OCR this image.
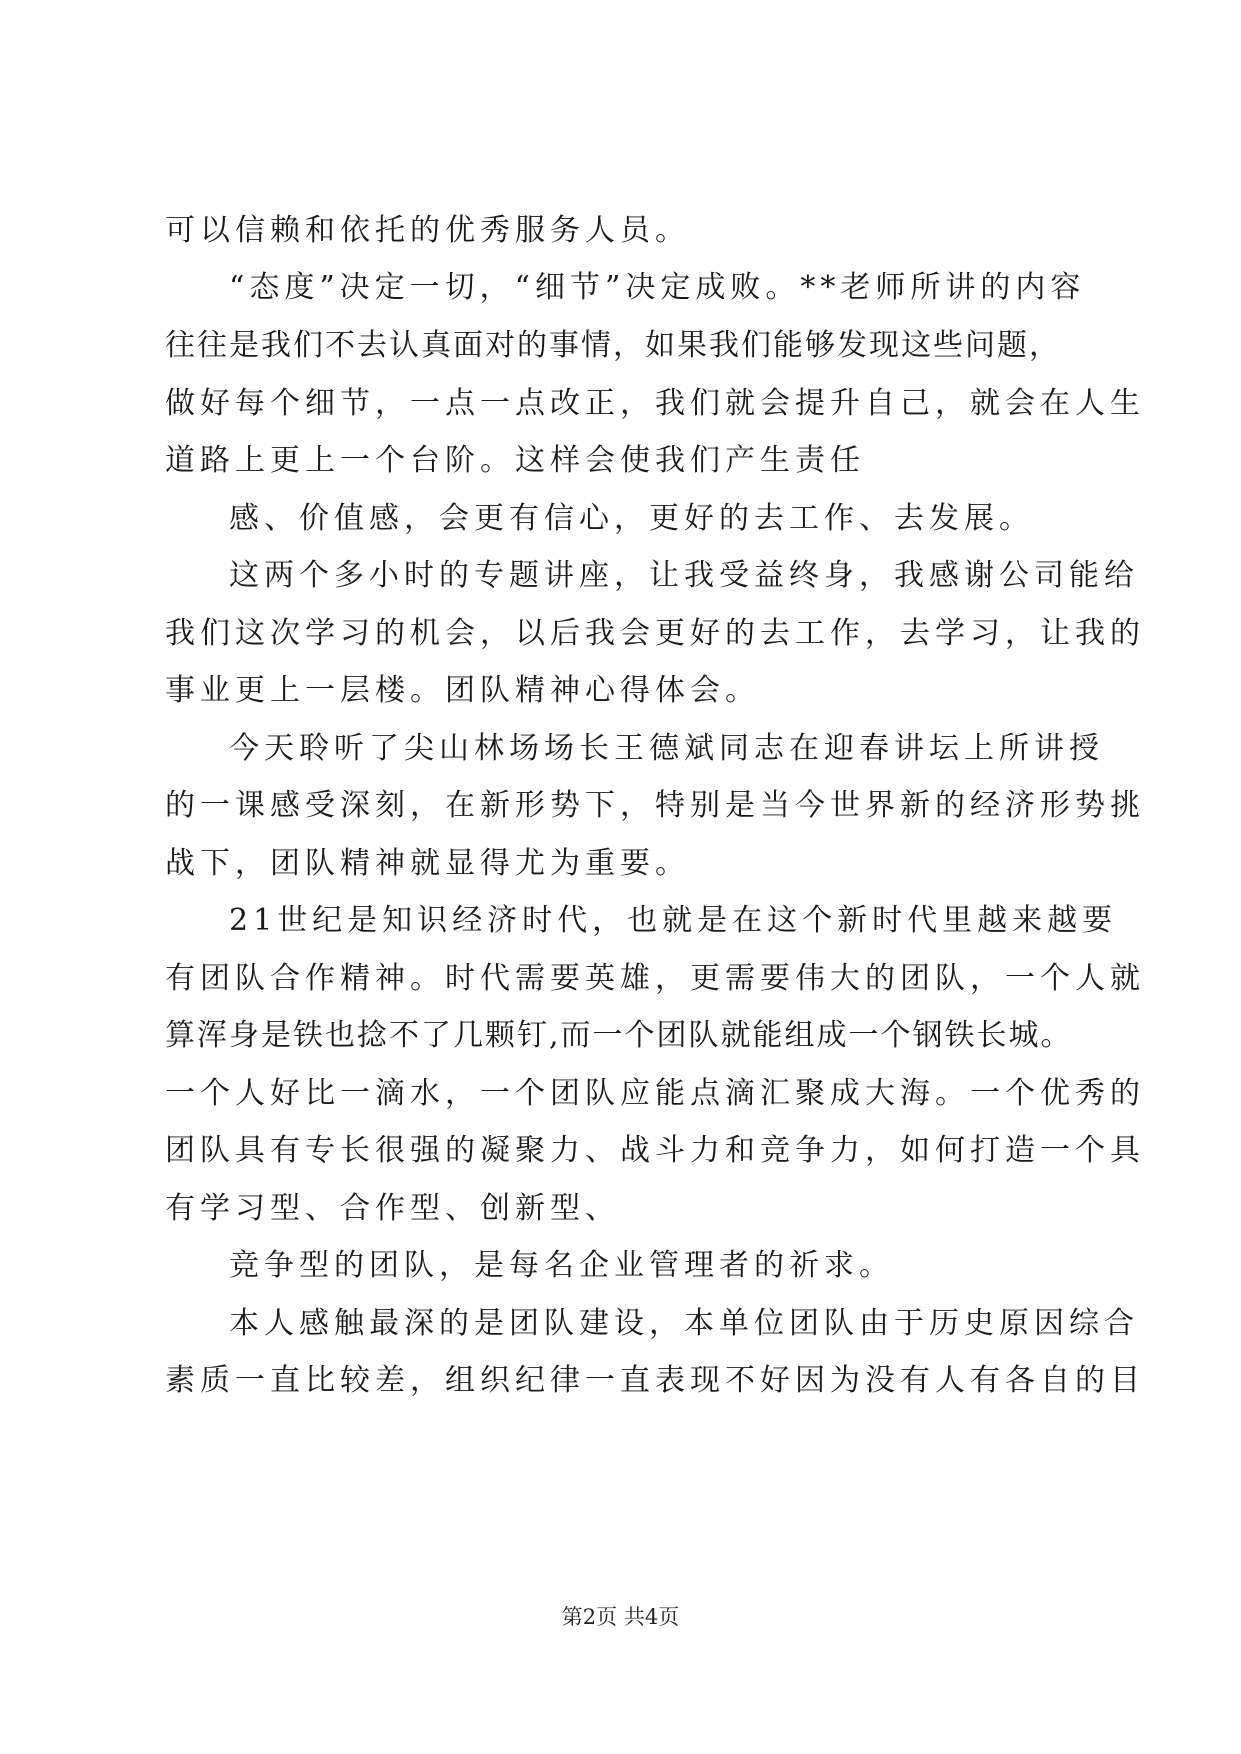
可以信赖和依托的优秀服务人员。
“态度”决定一切，“细节”决定成败。**老师所讲的内容
往往是我们不去认真面对的事情，如果我们能够发现这些问题，
做好每个细节，一点一点改正，我们就会提升自己，就会在人生
道路上更上一个台阶。这样会使我们产生责任
感、价值感，会更有信心，更好的去工作、去发展。
这两个多小时的专题讲座，让我受益终身，我感谢公司能给
我们这次学习的机会，以后我会更好的去工作，去学习，让我的
事业更上一层楼。团队精神心得体会。
今天聆听了尖山林场场长王德斌同志在迎春讲坛上所讲授
的一课感受深刻，在新形势下，特别是当今世界新的经济形势挑
战下，团队精神就显得尤为重要。
21世纪是知识经济时代，也就是在这个新时代里越来越要
有团队合作精神。时代需要英雄，更需要伟大的团队，一个人就
算浑身是铁也捻不了几颗钉,而一个团队就能组成一个钢铁长城。
一个人好比一滴水，一个团队应能点滴汇聚成大海。一个优秀的
团队具有专长很强的凝聚力、战斗力和竞争力，如何打造一个具
有学习型、合作型、创新型、
竞争型的团队，是每名企业管理者的祈求。
本人感触最深的是团队建设，本单位团队由于历史原因综合
素质一直比较差，组织纪律一直表现不好因为没有人有各自的目
第2页 共4页
